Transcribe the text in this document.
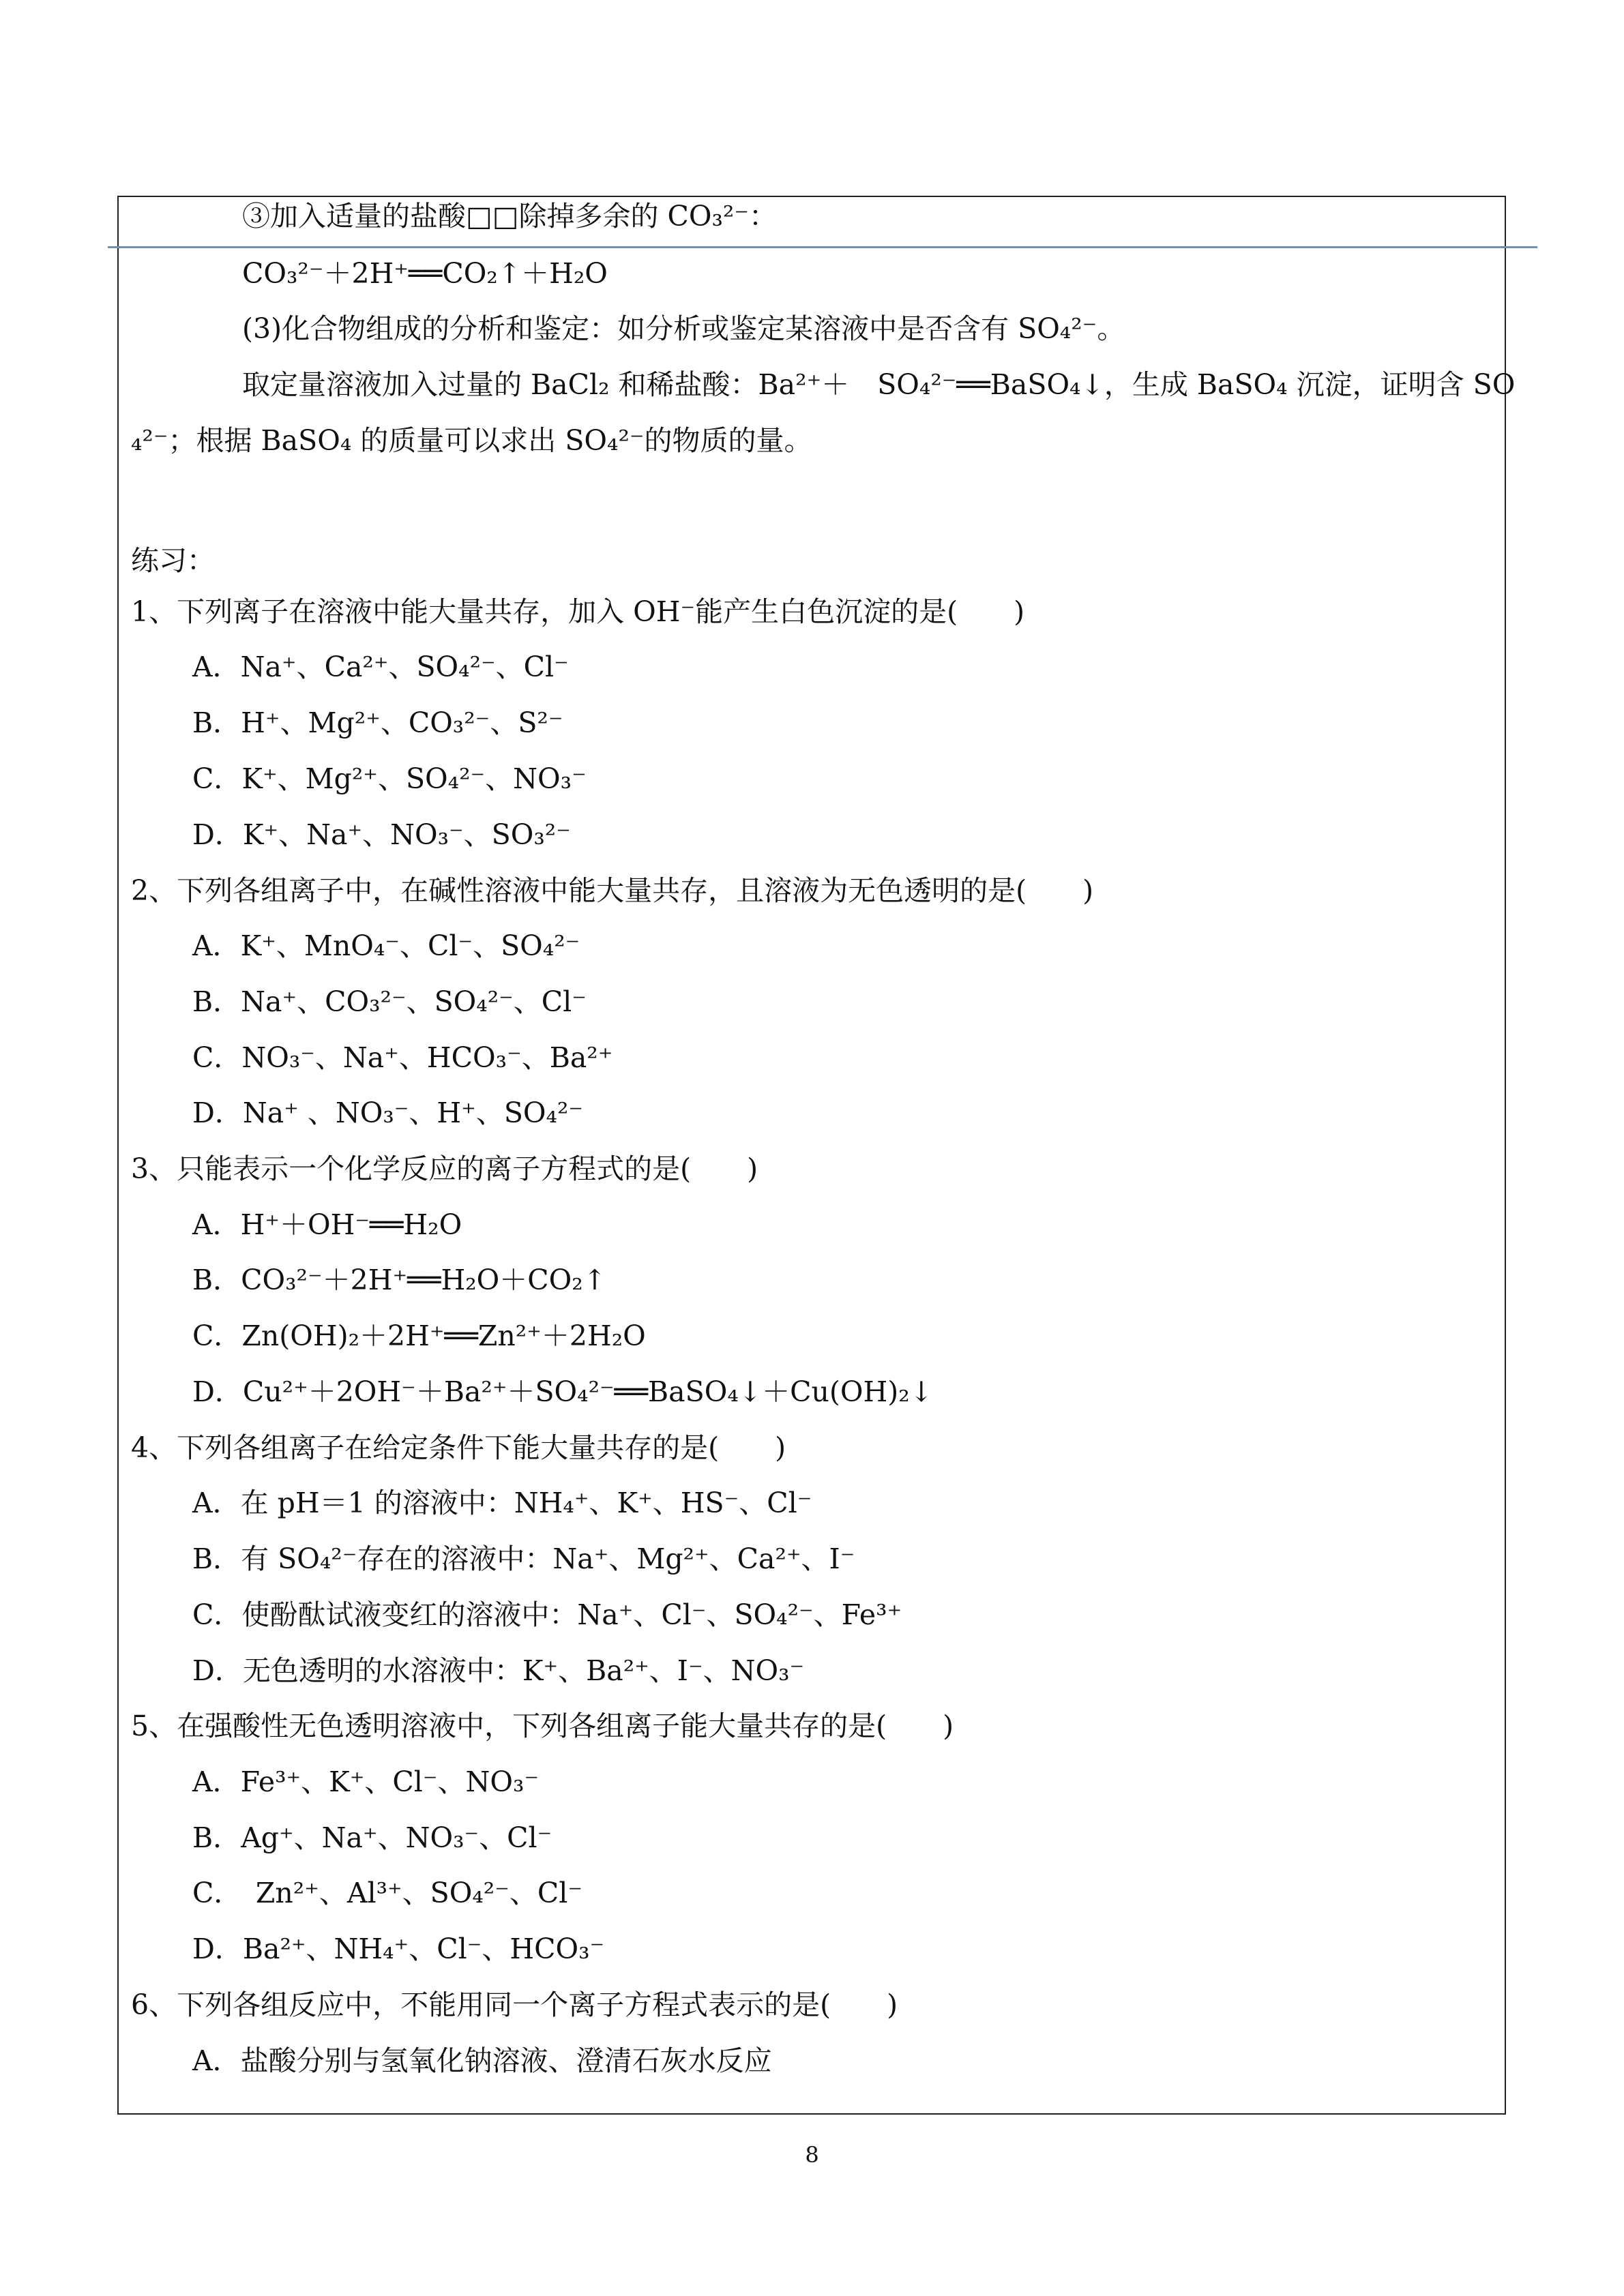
③加入适量的盐酸□□除掉多余的 CO₃²⁻：
CO₃²⁻＋2H⁺══CO₂↑＋H₂O
(3)化合物组成的分析和鉴定：如分析或鉴定某溶液中是否含有 SO₄²⁻。
取定量溶液加入过量的 BaCl₂ 和稀盐酸：Ba²⁺＋　SO₄²⁻══BaSO₄↓，生成 BaSO₄ 沉淀，证明含 SO
₄²⁻；根据 BaSO₄ 的质量可以求出 SO₄²⁻的物质的量。
练习：
1、下列离子在溶液中能大量共存，加入 OH⁻能产生白色沉淀的是(　　)
A．Na⁺、Ca²⁺、SO₄²⁻、Cl⁻
B．H⁺、Mg²⁺、CO₃²⁻、S²⁻
C．K⁺、Mg²⁺、SO₄²⁻、NO₃⁻
D．K⁺、Na⁺、NO₃⁻、SO₃²⁻
2、下列各组离子中，在碱性溶液中能大量共存，且溶液为无色透明的是(　　)
A．K⁺、MnO₄⁻、Cl⁻、SO₄²⁻
B．Na⁺、CO₃²⁻、SO₄²⁻、Cl⁻
C．NO₃⁻、Na⁺、HCO₃⁻、Ba²⁺
D．Na⁺ 、NO₃⁻、H⁺、SO₄²⁻
3、只能表示一个化学反应的离子方程式的是(　　)
A．H⁺＋OH⁻══H₂O
B．CO₃²⁻＋2H⁺══H₂O＋CO₂↑
C．Zn(OH)₂＋2H⁺══Zn²⁺＋2H₂O
D．Cu²⁺＋2OH⁻＋Ba²⁺＋SO₄²⁻══BaSO₄↓＋Cu(OH)₂↓
4、下列各组离子在给定条件下能大量共存的是(　　)
A．在 pH＝1 的溶液中：NH₄⁺、K⁺、HS⁻、Cl⁻
B．有 SO₄²⁻存在的溶液中：Na⁺、Mg²⁺、Ca²⁺、I⁻
C．使酚酞试液变红的溶液中：Na⁺、Cl⁻、SO₄²⁻、Fe³⁺
D．无色透明的水溶液中：K⁺、Ba²⁺、I⁻、NO₃⁻
5、在强酸性无色透明溶液中，下列各组离子能大量共存的是(　　)
A．Fe³⁺、K⁺、Cl⁻、NO₃⁻
B．Ag⁺、Na⁺、NO₃⁻、Cl⁻
C．　Zn²⁺、Al³⁺、SO₄²⁻、Cl⁻
D．Ba²⁺、NH₄⁺、Cl⁻、HCO₃⁻
6、下列各组反应中，不能用同一个离子方程式表示的是(　　)
A．盐酸分别与氢氧化钠溶液、澄清石灰水反应
8
